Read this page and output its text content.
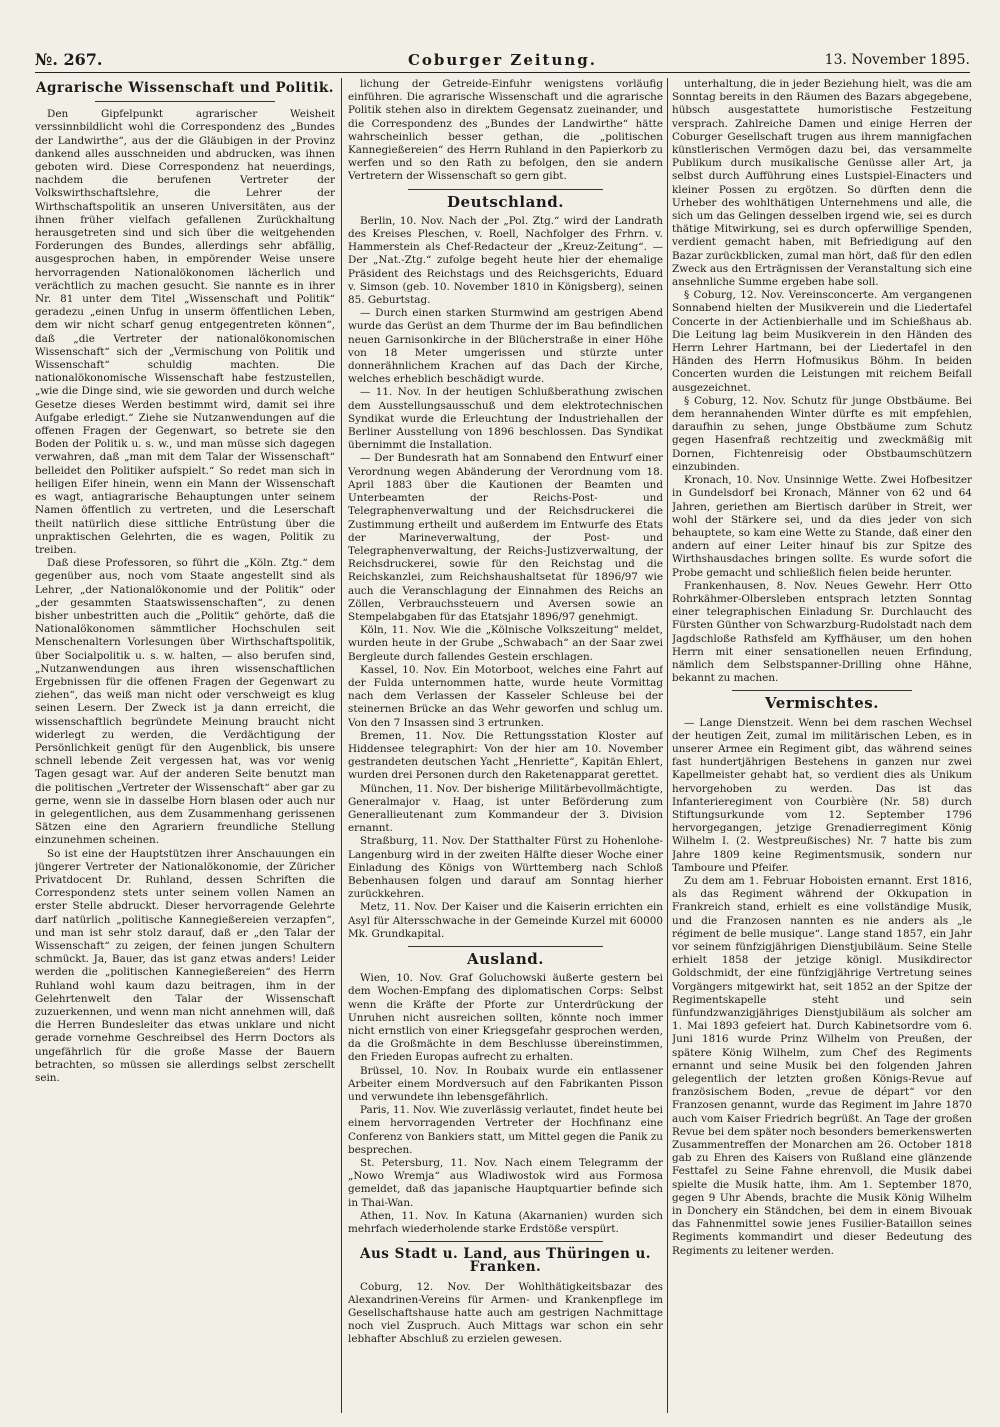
№. 267.	Coburger Zeitung.	13. November 1895.
Agrarische Wissenschaft und Politik.

Den Gipfelpunkt agrarischer Weisheit verssinnbildlicht wohl die Correspondenz des „Bundes der Landwirthe“, aus der die Gläubigen in der Provinz dankend alles ausschneiden und abdrucken, was ihnen geboten wird. Diese Correspondenz hat neuerdings, nachdem die berufenen Vertreter der Volkswirthschaftslehre, die Lehrer der Wirthschaftspolitik an unseren Universitäten, aus der ihnen früher vielfach gefallenen Zurückhaltung herausgetreten sind und sich über die weitgehenden Forderungen des Bundes, allerdings sehr abfällig, ausgesprochen haben, in empörender Weise unsere hervorragenden Nationalökonomen lächerlich und verächtlich zu machen gesucht. Sie nannte es in ihrer Nr. 81 unter dem Titel „Wissenschaft und Politik“ geradezu „einen Unfug in unserm öffentlichen Leben, dem wir nicht scharf genug entgegentreten können“, daß „die Vertreter der nationalökonomischen Wissenschaft“ sich der „Vermischung von Politik und Wissenschaft“ schuldig machten. Die nationalökonomische Wissenschaft habe festzustellen, „wie die Dinge sind, wie sie geworden und durch welche Gesetze dieses Werden bestimmt wird, damit sei ihre Aufgabe erledigt.“ Ziehe sie Nutzanwendungen auf die offenen Fragen der Gegenwart, so betrete sie den Boden der Politik u. s. w., und man müsse sich dagegen verwahren, daß „man mit dem Talar der Wissenschaft“ belleidet den Politiker aufspielt.“ So redet man sich in heiligen Eifer hinein, wenn ein Mann der Wissenschaft es wagt, antiagrarische Behauptungen unter seinem Namen öffentlich zu vertreten, und die Leserschaft theilt natürlich diese sittliche Entrüstung über die unpraktischen Gelehrten, die es wagen, Politik zu treiben.

Daß diese Professoren, so führt die „Köln. Ztg.“ dem gegenüber aus, noch vom Staate angestellt sind als Lehrer, „der Nationalökonomie und der Politik“ oder „der gesammten Staatswissenschaften“, zu denen bisher unbestritten auch die „Politik“ gehörte, daß die Nationalökonomen sämmtlicher Hochschulen seit Menschenaltern Vorlesungen über Wirthschaftspolitik, über Socialpolitik u. s. w. halten, — also berufen sind, „Nutzanwendungen aus ihren wissenschaftlichen Ergebnissen für die offenen Fragen der Gegenwart zu ziehen“, das weiß man nicht oder verschweigt es klug seinen Lesern. Der Zweck ist ja dann erreicht, die wissenschaftlich begründete Meinung braucht nicht widerlegt zu werden, die Verdächtigung der Persönlichkeit genügt für den Augenblick, bis unsere schnell lebende Zeit vergessen hat, was vor wenig Tagen gesagt war. Auf der anderen Seite benutzt man die politischen „Vertreter der Wissenschaft“ aber gar zu gerne, wenn sie in dasselbe Horn blasen oder auch nur in gelegentlichen, aus dem Zusammenhang gerissenen Sätzen eine den Agrariern freundliche Stellung einzunehmen scheinen.

So ist eine der Hauptstützen ihrer Anschauungen ein jüngerer Vertreter der Nationalökonomie, der Züricher Privatdocent Dr. Ruhland, dessen Schriften die Correspondenz stets unter seinem vollen Namen an erster Stelle abdruckt. Dieser hervorragende Gelehrte darf natürlich „politische Kannegießereien verzapfen“, und man ist sehr stolz darauf, daß er „den Talar der Wissenschaft“ zu zeigen, der feinen jungen Schultern schmückt. Ja, Bauer, das ist ganz etwas anders! Leider werden die „politischen Kannegießereien“ des Herrn Ruhland wohl kaum dazu beitragen, ihm in der Gelehrtenwelt den Talar der Wissenschaft zuzuerkennen, und wenn man nicht annehmen will, daß die Herren Bundesleiter das etwas unklare und nicht gerade vornehme Geschreibsel des Herrn Doctors als ungefährlich für die große Masse der Bauern betrachten, so müssen sie allerdings selbst zerschellt sein.

lichung der Getreide-Einfuhr wenigstens vorläufig einführen. Die agrarische Wissenschaft und die agrarische Politik stehen also in direktem Gegensatz zueinander, und die Correspondenz des „Bundes der Landwirthe“ hätte wahrscheinlich besser gethan, die „politischen Kannegießereien“ des Herrn Ruhland in den Papierkorb zu werfen und so den Rath zu befolgen, den sie andern Vertretern der Wissenschaft so gern gibt.

Deutschland.

Berlin, 10. Nov. Nach der „Pol. Ztg.“ wird der Landrath des Kreises Pleschen, v. Roell, Nachfolger des Frhrn. v. Hammerstein als Chef-Redacteur der „Kreuz-Zeitung“. — Der „Nat.-Ztg.“ zufolge begeht heute hier der ehemalige Präsident des Reichstags und des Reichsgerichts, Eduard v. Simson (geb. 10. November 1810 in Königsberg), seinen 85. Geburtstag.

— Durch einen starken Sturmwind am gestrigen Abend wurde das Gerüst an dem Thurme der im Bau befindlichen neuen Garnisonkirche in der Blücherstraße in einer Höhe von 18 Meter umgerissen und stürzte unter donnerähnlichem Krachen auf das Dach der Kirche, welches erheblich beschädigt wurde.

— 11. Nov. In der heutigen Schlußberathung zwischen dem Ausstellungsausschuß und dem elektrotechnischen Syndikat wurde die Erleuchtung der Industriehallen der Berliner Ausstellung von 1896 beschlossen. Das Syndikat übernimmt die Installation.

— Der Bundesrath hat am Sonnabend den Entwurf einer Verordnung wegen Abänderung der Verordnung vom 18. April 1883 über die Kautionen der Beamten und Unterbeamten der Reichs-Post- und Telegraphenverwaltung und der Reichsdruckerei die Zustimmung ertheilt und außerdem im Entwurfe des Etats der Marineverwaltung, der Post- und Telegraphenverwaltung, der Reichs-Justizverwaltung, der Reichsdruckerei, sowie für den Reichstag und die Reichskanzlei, zum Reichshaushaltsetat für 1896/97 wie auch die Veranschlagung der Einnahmen des Reichs an Zöllen, Verbrauchssteuern und Aversen sowie an Stempelabgaben für das Etatsjahr 1896/97 genehmigt.

Köln, 11. Nov. Wie die „Kölnische Volkszeitung“ meldet, wurden heute in der Grube „Schwabach“ an der Saar zwei Bergleute durch fallendes Gestein erschlagen.

Kassel, 10. Nov. Ein Motorboot, welches eine Fahrt auf der Fulda unternommen hatte, wurde heute Vormittag nach dem Verlassen der Kasseler Schleuse bei der steinernen Brücke an das Wehr geworfen und schlug um. Von den 7 Insassen sind 3 ertrunken.

Bremen, 11. Nov. Die Rettungsstation Kloster auf Hiddensee telegraphirt: Von der hier am 10. November gestrandeten deutschen Yacht „Henriette“, Kapitän Ehlert, wurden drei Personen durch den Raketenapparat gerettet.

München, 11. Nov. Der bisherige Militärbevollmächtigte, Generalmajor v. Haag, ist unter Beförderung zum Generallieutenant zum Kommandeur der 3. Division ernannt.

Straßburg, 11. Nov. Der Statthalter Fürst zu Hohenlohe-Langenburg wird in der zweiten Hälfte dieser Woche einer Einladung des Königs von Württemberg nach Schloß Bebenhausen folgen und darauf am Sonntag hierher zurückkehren.

Metz, 11. Nov. Der Kaiser und die Kaiserin errichten ein Asyl für Altersschwache in der Gemeinde Kurzel mit 60000 Mk. Grundkapital.

Ausland.

Wien, 10. Nov. Graf Goluchowski äußerte gestern bei dem Wochen-Empfang des diplomatischen Corps: Selbst wenn die Kräfte der Pforte zur Unterdrückung der Unruhen nicht ausreichen sollten, könnte noch immer nicht ernstlich von einer Kriegsgefahr gesprochen werden, da die Großmächte in dem Beschlusse übereinstimmen, den Frieden Europas aufrecht zu erhalten.

Brüssel, 10. Nov. In Roubaix wurde ein entlassener Arbeiter einem Mordversuch auf den Fabrikanten Pisson und verwundete ihn lebensgefährlich.

Paris, 11. Nov. Wie zuverlässig verlautet, findet heute bei einem hervorragenden Vertreter der Hochfinanz eine Conferenz von Bankiers statt, um Mittel gegen die Panik zu besprechen.

St. Petersburg, 11. Nov. Nach einem Telegramm der „Nowo Wremja“ aus Wladiwostok wird aus Formosa gemeldet, daß das japanische Hauptquartier befinde sich in Thai-Wan.

Athen, 11. Nov. In Katuna (Akarnanien) wurden sich mehrfach wiederholende starke Erdstöße verspürt.

Aus Stadt u. Land, aus Thüringen u. Franken.

Coburg, 12. Nov. Der Wohlthätigkeitsbazar des Alexandrinen-Vereins für Armen- und Krankenpflege im Gesellschaftshause hatte auch am gestrigen Nachmittage noch viel Zuspruch. Auch Mittags war schon ein sehr lebhafter Abschluß zu erzielen gewesen.

unterhaltung, die in jeder Beziehung hielt, was die am Sonntag bereits in den Räumen des Bazars abgegebene, hübsch ausgestattete humoristische Festzeitung versprach. Zahlreiche Damen und einige Herren der Coburger Gesellschaft trugen aus ihrem mannigfachen künstlerischen Vermögen dazu bei, das versammelte Publikum durch musikalische Genüsse aller Art, ja selbst durch Aufführung eines Lustspiel-Einacters und kleiner Possen zu ergötzen. So dürften denn die Urheber des wohlthätigen Unternehmens und alle, die sich um das Gelingen desselben irgend wie, sei es durch thätige Mitwirkung, sei es durch opferwillige Spenden, verdient gemacht haben, mit Befriedigung auf den Bazar zurückblicken, zumal man hört, daß für den edlen Zweck aus den Erträgnissen der Veranstaltung sich eine ansehnliche Summe ergeben habe soll.

§ Coburg, 12. Nov. Vereinsconcerte. Am vergangenen Sonnabend hielten der Musikverein und die Liedertafel Concerte in der Actienbierhalle und im Schießhaus ab. Die Leitung lag beim Musikverein in den Händen des Herrn Lehrer Hartmann, bei der Liedertafel in den Händen des Herrn Hofmusikus Böhm. In beiden Concerten wurden die Leistungen mit reichem Beifall ausgezeichnet.

§ Coburg, 12. Nov. Schutz für junge Obstbäume. Bei dem herannahenden Winter dürfte es mit empfehlen, daraufhin zu sehen, junge Obstbäume zum Schutz gegen Hasenfraß rechtzeitig und zweckmäßig mit Dornen, Fichtenreisig oder Obstbaumschützern einzubinden.

Kronach, 10. Nov. Unsinnige Wette. Zwei Hofbesitzer in Gundelsdorf bei Kronach, Männer von 62 und 64 Jahren, geriethen am Biertisch darüber in Streit, wer wohl der Stärkere sei, und da dies jeder von sich behauptete, so kam eine Wette zu Stande, daß einer den andern auf einer Leiter hinauf bis zur Spitze des Wirthshausdaches bringen sollte. Es wurde sofort die Probe gemacht und schließlich fielen beide herunter.

Frankenhausen, 8. Nov. Neues Gewehr. Herr Otto Rohrkähmer-Olbersleben entsprach letzten Sonntag einer telegraphischen Einladung Sr. Durchlaucht des Fürsten Günther von Schwarzburg-Rudolstadt nach dem Jagdschloße Rathsfeld am Kyffhäuser, um den hohen Herrn mit einer sensationellen neuen Erfindung, nämlich dem Selbstspanner-Drilling ohne Hähne, bekannt zu machen.

Vermischtes.

— Lange Dienstzeit. Wenn bei dem raschen Wechsel der heutigen Zeit, zumal im militärischen Leben, es in unserer Armee ein Regiment gibt, das während seines fast hundertjährigen Bestehens in ganzen nur zwei Kapellmeister gehabt hat, so verdient dies als Unikum hervorgehoben zu werden. Das ist das Infanterieregiment von Courbière (Nr. 58) durch Stiftungsurkunde vom 12. September 1796 hervorgegangen, jetzige Grenadierregiment König Wilhelm I. (2. Westpreußisches) Nr. 7 hatte bis zum Jahre 1809 keine Regimentsmusik, sondern nur Tamboure und Pfeifer.

Zu dem am 1. Februar Hoboisten ernannt. Erst 1816, als das Regiment während der Okkupation in Frankreich stand, erhielt es eine vollständige Musik, und die Franzosen nannten es nie anders als „le régiment de belle musique“. Lange stand 1857, ein Jahr vor seinem fünfzigjährigen Dienstjubiläum. Seine Stelle erhielt 1858 der jetzige königl. Musikdirector Goldschmidt, der eine fünfzigjährige Vertretung seines Vorgängers mitgewirkt hat, seit 1852 an der Spitze der Regimentskapelle steht und sein fünfundzwanzigjähriges Dienstjubiläum als solcher am 1. Mai 1893 gefeiert hat. Durch Kabinetsordre vom 6. Juni 1816 wurde Prinz Wilhelm von Preußen, der spätere König Wilhelm, zum Chef des Regiments ernannt und seine Musik bei den folgenden Jahren gelegentlich der letzten großen Königs-Revue auf französischem Boden, „revue de départ“ vor den Franzosen genannt, wurde das Regiment im Jahre 1870 auch vom Kaiser Friedrich begrüßt. An Tage der großen Revue bei dem später noch besonders bemerkenswerten Zusammentreffen der Monarchen am 26. October 1818 gab zu Ehren des Kaisers von Rußland eine glänzende Festtafel zu Seine Fahne ehrenvoll, die Musik dabei spielte die Musik hatte, ihm. Am 1. September 1870, gegen 9 Uhr Abends, brachte die Musik König Wilhelm in Donchery ein Ständchen, bei dem in einem Bivouak das Fahnenmittel sowie jenes Fusilier-Bataillon seines Regiments kommandirt und dieser Bedeutung des Regiments zu leitener werden.
